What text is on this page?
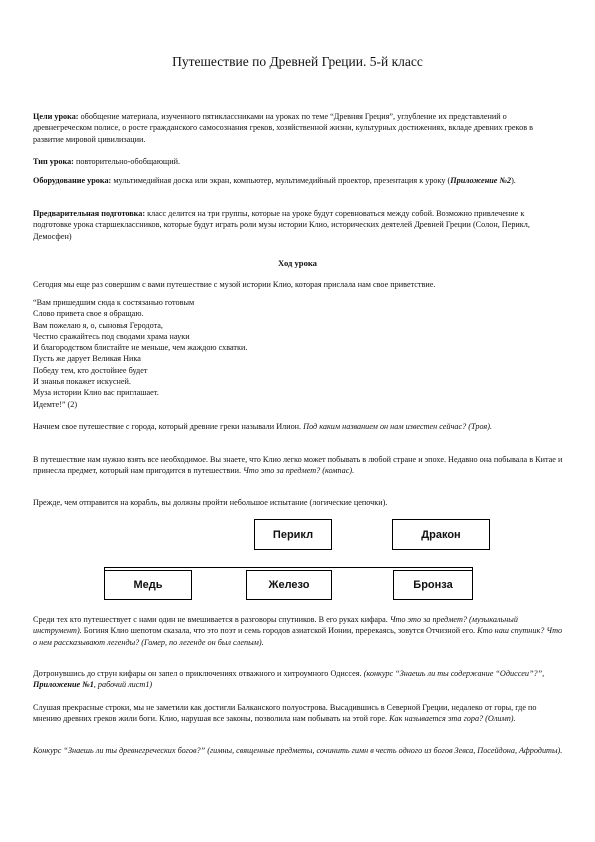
Путешествие по Древней Греции. 5-й класс

Цели урока: обобщение материала, изученного пятиклассниками на уроках по теме “Древняя Греция”, углубление их представлений о древнегреческом полисе, о росте гражданского самосознания греков, хозяйственной жизни, культурных достижениях, вкладе древних греков в развитие мировой цивилизации.

Тип урока: повторительно-обобщающий.

Оборудование урока: мультимедийная доска или экран, компьютер, мультимедийный проектор, презентация к уроку (Приложение №2).

Предварительная подготовка: класс делится на три группы, которые на уроке будут соревноваться между собой. Возможно привлечение к подготовке урока старшеклассников, которые будут играть роли музы истории Клио, исторических деятелей Древней Греции (Солон, Перикл, Демосфен)

Ход урока

Сегодня мы еще раз совершим с вами путешествие с музой истории Клио, которая прислала нам свое приветствие.

“Вам пришедшим сюда к состязанью готовым
Слово привета свое я обращаю.
Вам пожелаю я, о, сыновья Геродота,
Честно сражайтесь под сводами храма науки
И благородством блистайте не меньше, чем жаждою схватки.
Пусть же дарует Великая Ника
Победу тем, кто достойнее будет
И знанья покажет искусней.
Муза истории Клио вас приглашает.
Идемте!” (2)

Начнем свое путешествие с города, который древние греки называли Илион. Под каким названием он нам известен сейчас? (Троя).

В путешествие нам нужно взять все необходимое. Вы знаете, что Клио легко может побывать в любой стране и эпохе. Недавно она побывала в Китае и принесла предмет, который нам пригодится в путешествии. Что это за предмет? (компас).

Прежде, чем отправится на корабль, вы должны пройти небольшое испытание (логические цепочки).

Перикл	Дракон
Медь	Железо	Бронза

Среди тех кто путешествует с нами один не вмешивается в разговоры спутников. В его руках кифара. Что это за предмет? (музыкальный инструмент). Богиня Клио шепотом сказала, что это поэт и семь городов азиатской Ионии, пререкаясь, зовутся Отчизной его. Кто наш спутник? Что о нем рассказывают легенды? (Гомер, по легенде он был слепым).

Дотронувшись до струн кифары он запел о приключениях отважного и хитроумного Одиссея. (конкурс “Знаешь ли ты содержание “Одиссеи”?”, Приложение №1, рабочий лист1)

Слушая прекрасные строки, мы не заметили как достигли Балканского полуострова. Высадившись в Северной Греции, недалеко от горы, где по мнению древних греков жили боги. Клио, нарушая все законы, позволила нам побывать на этой горе. Как называется эта гора? (Олимп).

Конкурс “Знаешь ли ты древнегреческих богов?” (гимны, священные предметы, сочинить гимн в честь одного из богов Зевса, Посейдона, Афродиты).
